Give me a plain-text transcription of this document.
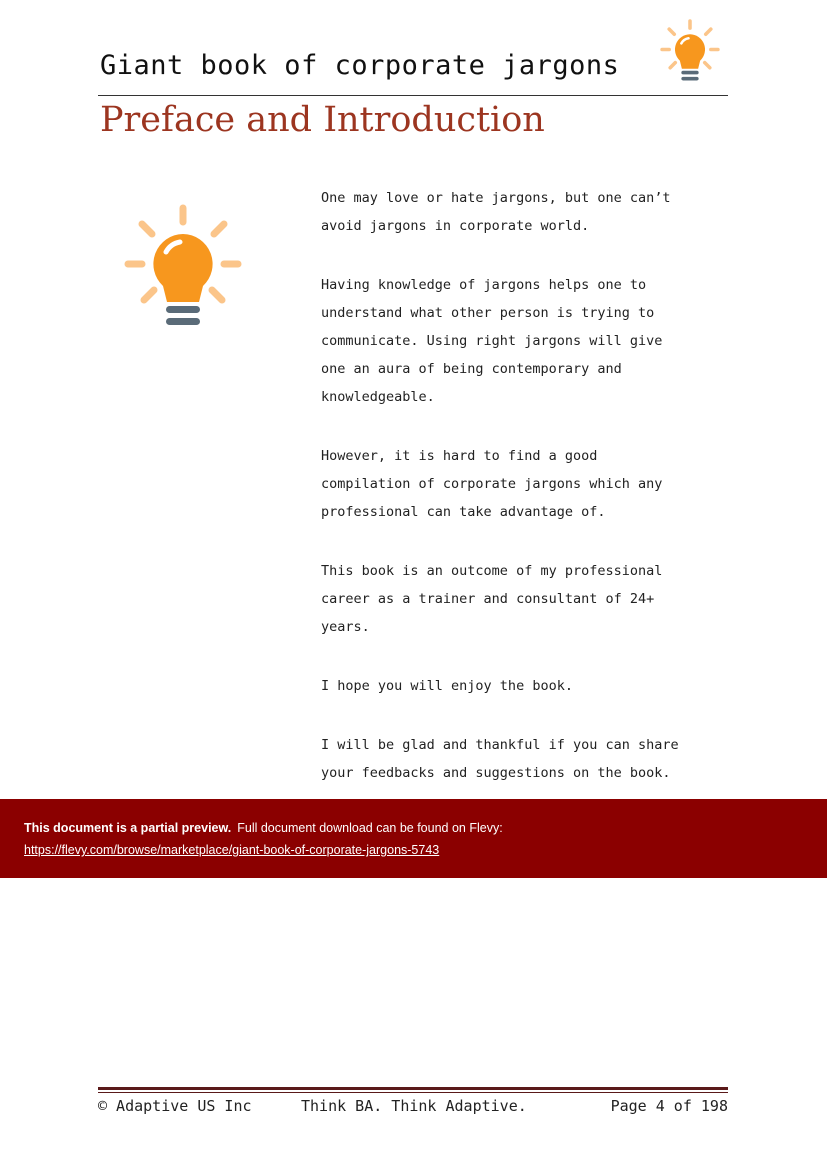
Giant book of corporate jargons
Preface and Introduction

One may love or hate jargons, but one can’t avoid jargons in corporate world.

Having knowledge of jargons helps one to understand what other person is trying to communicate. Using right jargons will give one an aura of being contemporary and knowledgeable.

However, it is hard to find a good compilation of corporate jargons which any professional can take advantage of.

This book is an outcome of my professional career as a trainer and consultant of 24+ years.

I hope you will enjoy the book.

I will be glad and thankful if you can share your feedbacks and suggestions on the book.

This document is a partial preview. Full document download can be found on Flevy:
https://flevy.com/browse/marketplace/giant-book-of-corporate-jargons-5743
© Adaptive US Inc	Think BA. Think Adaptive.	Page 4 of 198
